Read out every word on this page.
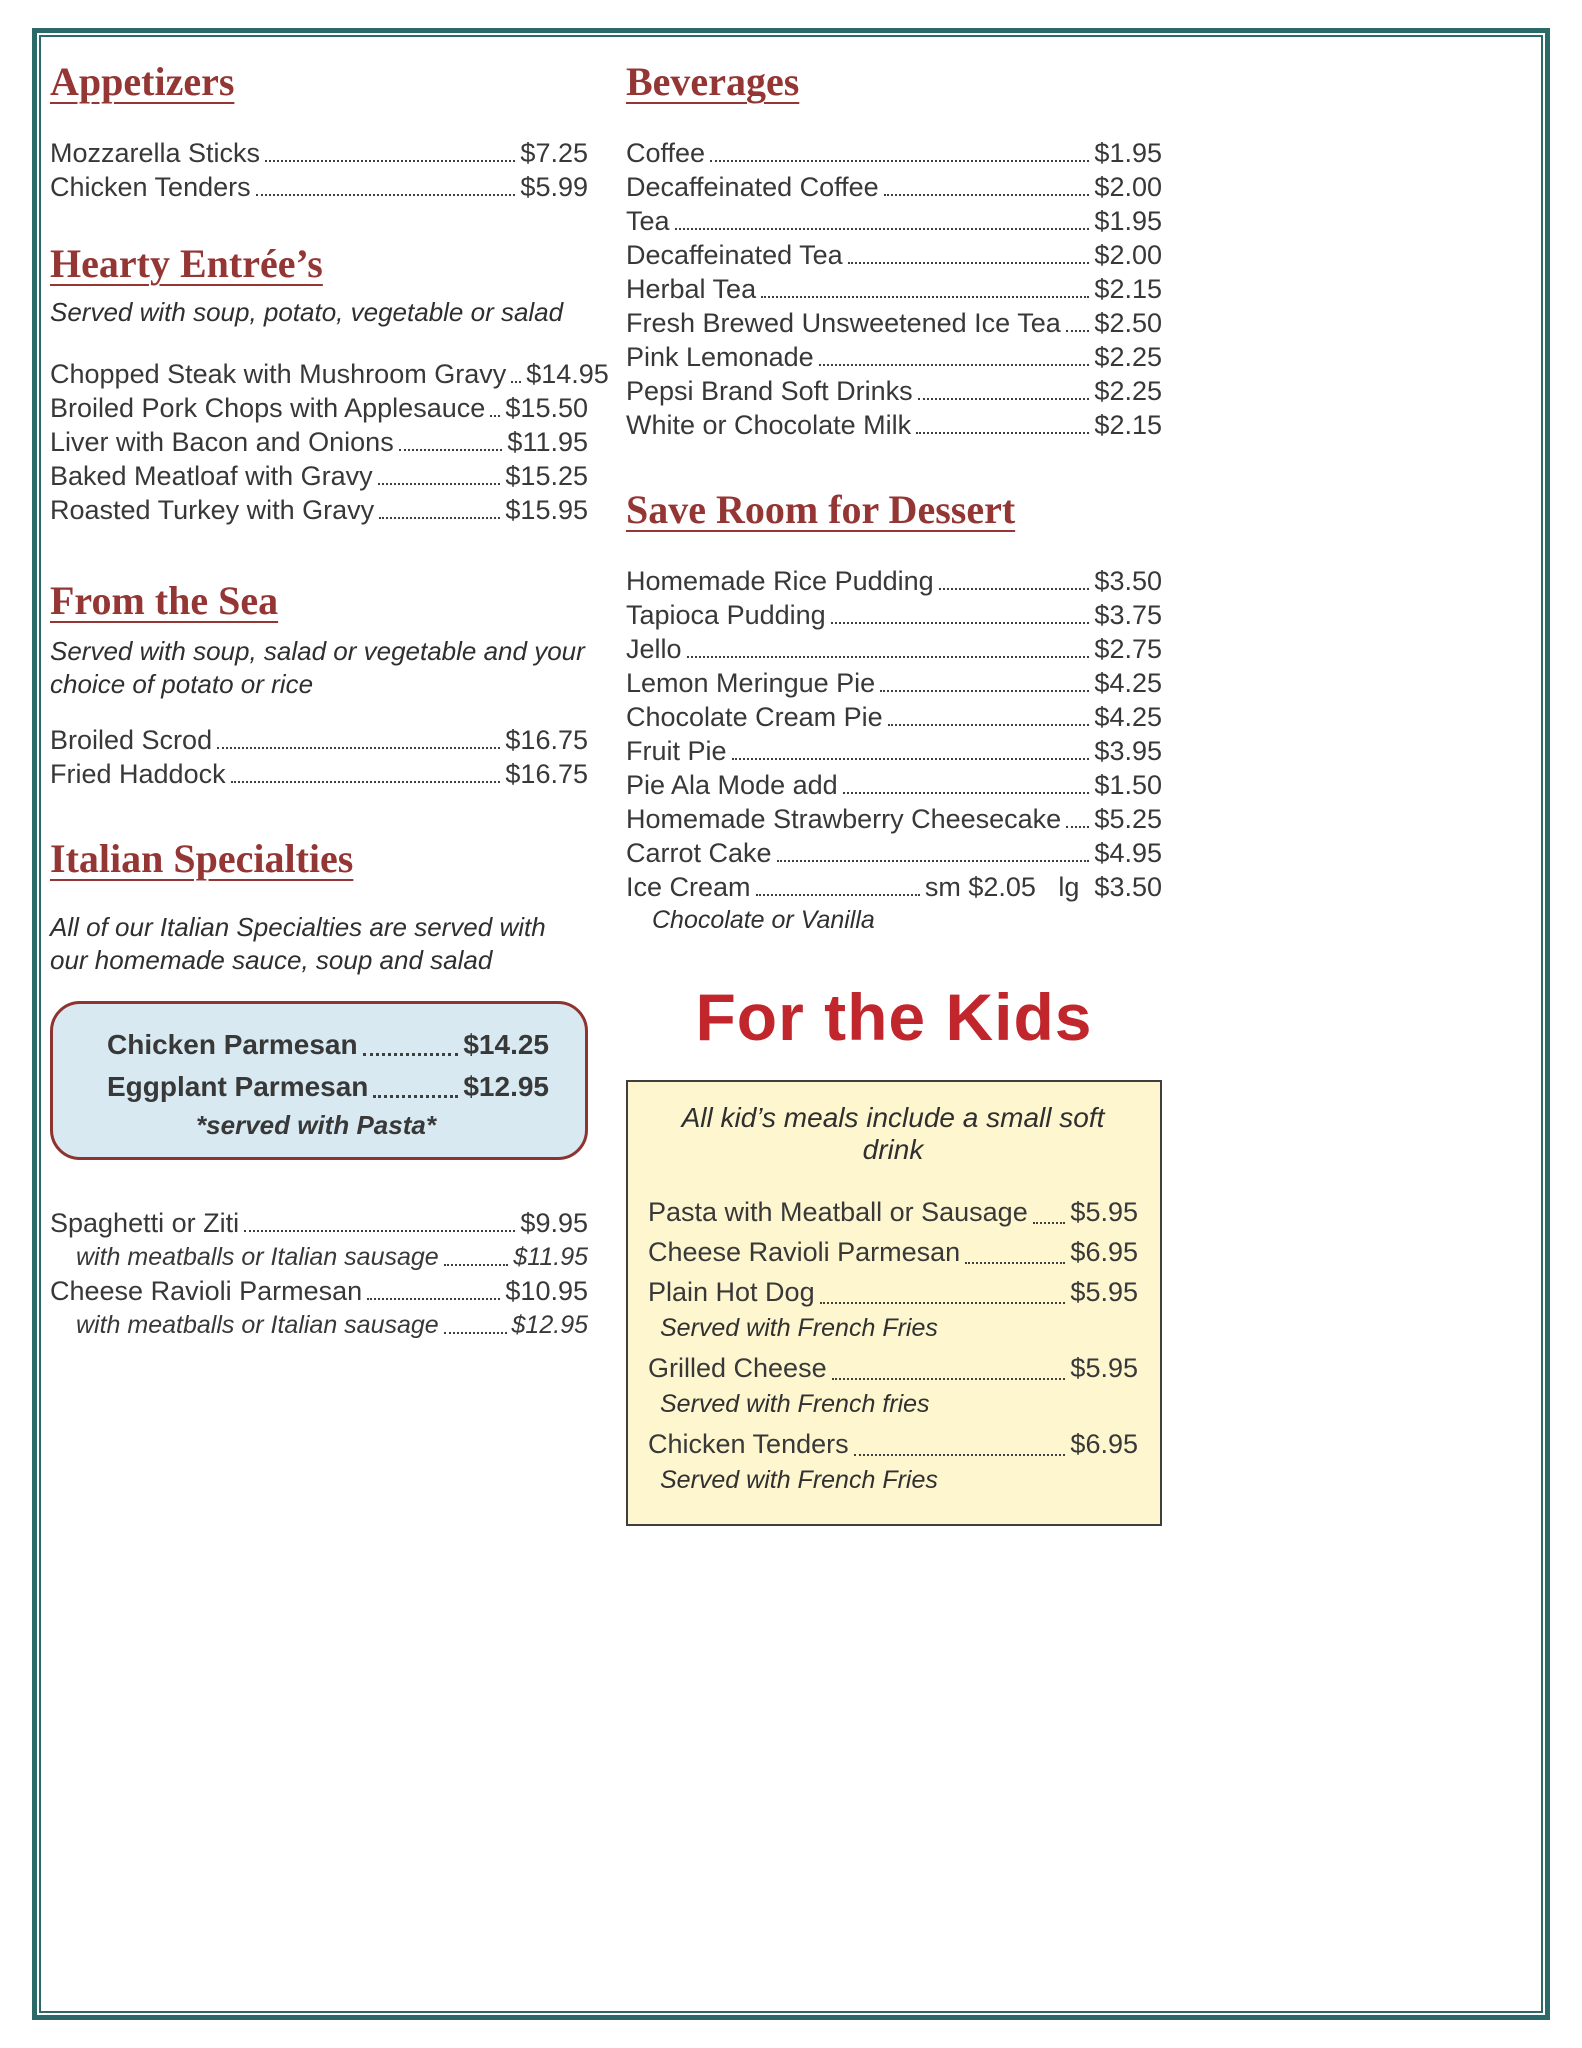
Appetizers
Mozzarella Sticks	$7.25
Chicken Tenders	$5.99
Hearty Entrée’s

Served with soup, potato, vegetable or salad

Chopped Steak with Mushroom Gravy $14.95
Broiled Pork Chops with Applesauce $15.50
Liver with Bacon and Onions	$11.95
Baked Meatloaf with Gravy	$15.25
Roasted Turkey with Gravy	$15.95
From the Sea

Served with soup, salad or vegetable and your choice of potato or rice

Broiled Scrod	$16.75
Fried Haddock	$16.75
Italian Specialties

All of our Italian Specialties are served with our homemade sauce, soup and salad

Chicken Parmesan	$14.25
Eggplant Parmesan	$12.95
*served with Pasta*
Spaghetti or Ziti	$9.95
with meatballs or Italian sausage	$11.95
Cheese Ravioli Parmesan	$10.95
with meatballs or Italian sausage	$12.95
Beverages
Coffee	$1.95
Decaffeinated Coffee	$2.00
Tea	$1.95
Decaffeinated Tea	$2.00
Herbal Tea	$2.15
Fresh Brewed Unsweetened Ice Tea $2.50
Pink Lemonade	$2.25
Pepsi Brand Soft Drinks	$2.25
White or Chocolate Milk	$2.15
Save Room for Dessert
Homemade Rice Pudding	$3.50
Tapioca Pudding	$3.75
Jello	$2.75
Lemon Meringue Pie	$4.25
Chocolate Cream Pie	$4.25
Fruit Pie	$3.95
Pie Ala Mode add	$1.50
Homemade Strawberry Cheesecake $5.25
Carrot Cake	$4.95
Ice Cream	sm $2.05   lg  $3.50
Chocolate or Vanilla
For the Kids
All kid’s meals include a small soft drink
Pasta with Meatball or Sausage $5.95
Cheese Ravioli Parmesan	$6.95
Plain Hot Dog	$5.95
Served with French Fries
Grilled Cheese	$5.95
Served with French fries
Chicken Tenders	$6.95
Served with French Fries
